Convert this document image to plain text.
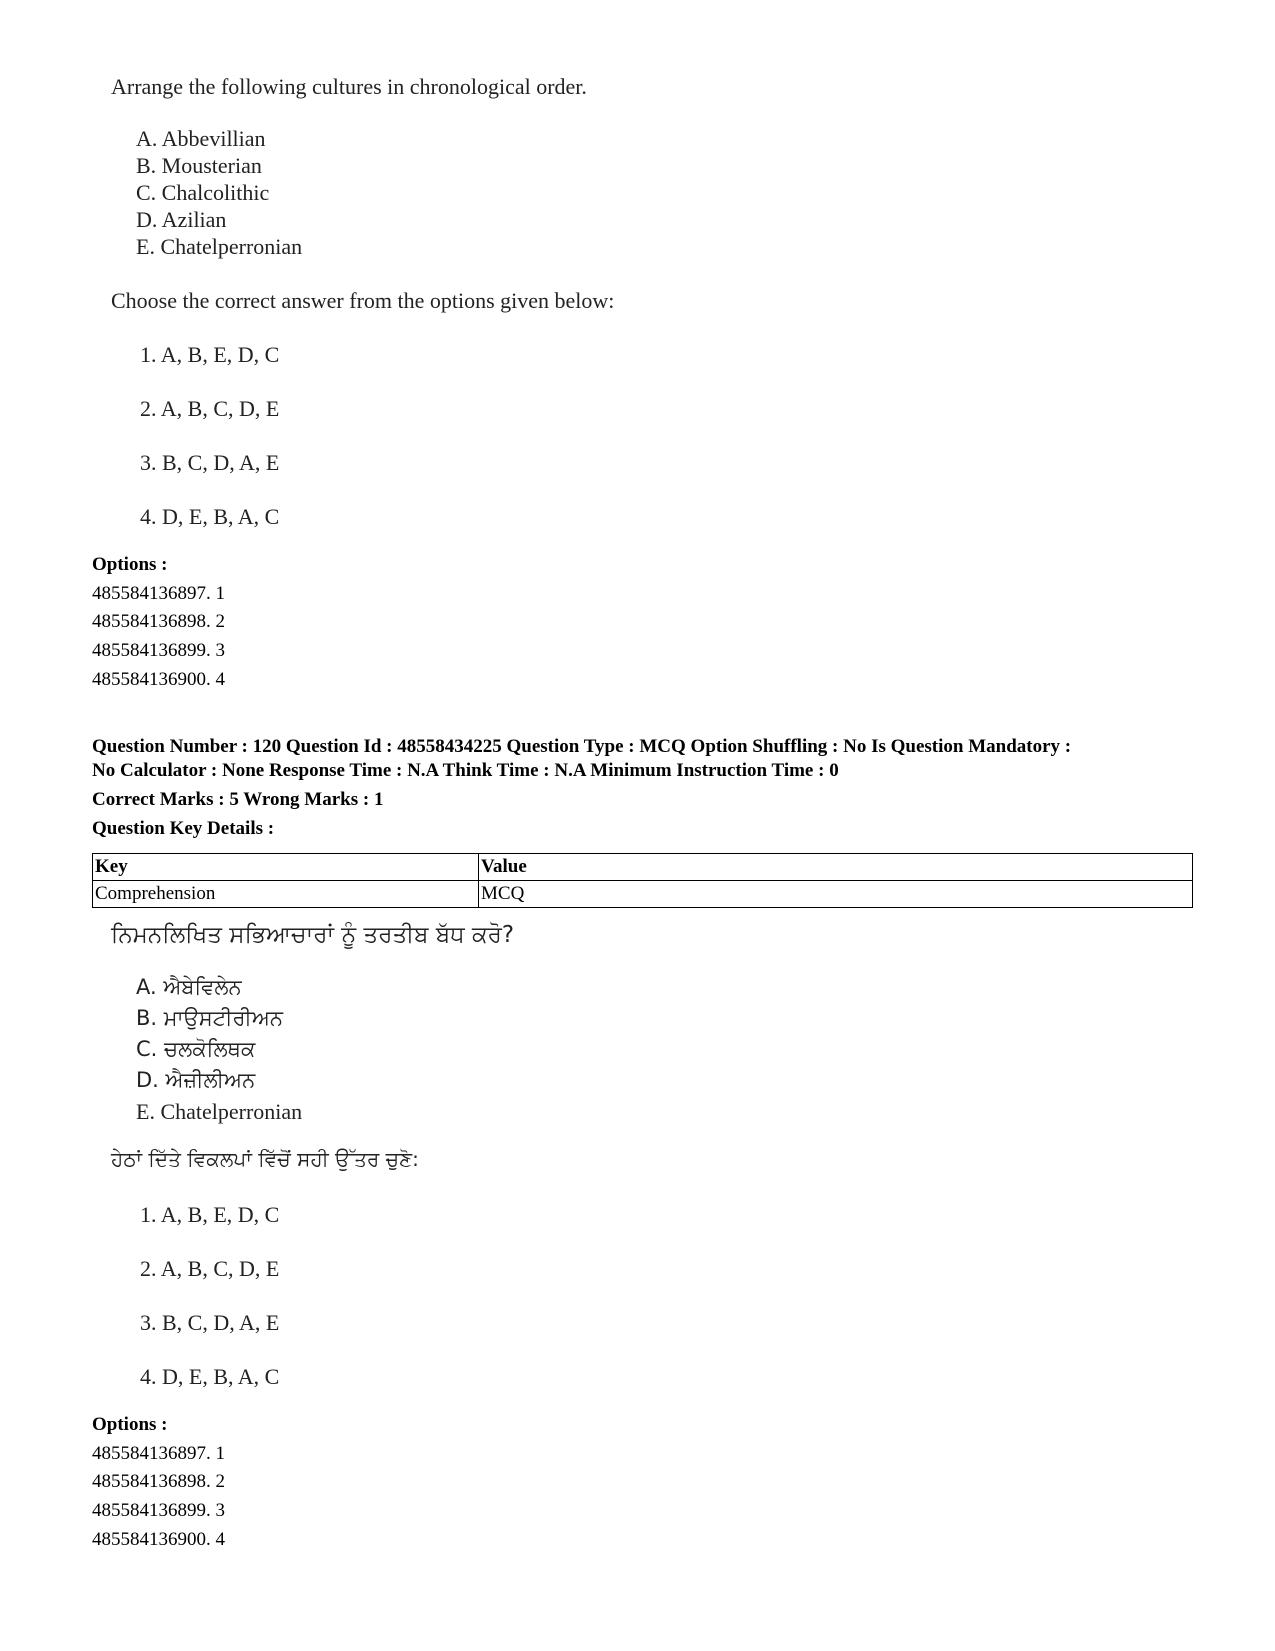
Arrange the following cultures in chronological order.
A. Abbevillian
B. Mousterian
C. Chalcolithic
D. Azilian
E. Chatelperronian
Choose the correct answer from the options given below:
1. A, B, E, D, C
2. A, B, C, D, E
3. B, C, D, A, E
4. D, E, B, A, C
Options :
485584136897. 1
485584136898. 2
485584136899. 3
485584136900. 4
Question Number : 120 Question Id : 48558434225 Question Type : MCQ Option Shuffling : No Is Question Mandatory :
No Calculator : None Response Time : N.A Think Time : N.A Minimum Instruction Time : 0
Correct Marks : 5 Wrong Marks : 1
Question Key Details :
Key	Value
Comprehension	MCQ
ਨਿਮਨਲਿਖਿਤ ਸਭਿਆਚਾਰਾਂ ਨੂੰ ਤਰਤੀਬ ਬੱਧ ਕਰੋ?
A. ਐਬੇਵਿਲੇਨ
B. ਮਾਉਸਟੀਰੀਅਨ
C. ਚਲਕੋਲਿਥਕ
D. ਐਜ਼ੀਲੀਅਨ
E. Chatelperronian
ਹੇਠਾਂ ਦਿੱਤੇ ਵਿਕਲਪਾਂ ਵਿੱਚੋਂ ਸਹੀ ਉੱਤਰ ਚੁਣੋ:
1. A, B, E, D, C
2. A, B, C, D, E
3. B, C, D, A, E
4. D, E, B, A, C
Options :
485584136897. 1
485584136898. 2
485584136899. 3
485584136900. 4
